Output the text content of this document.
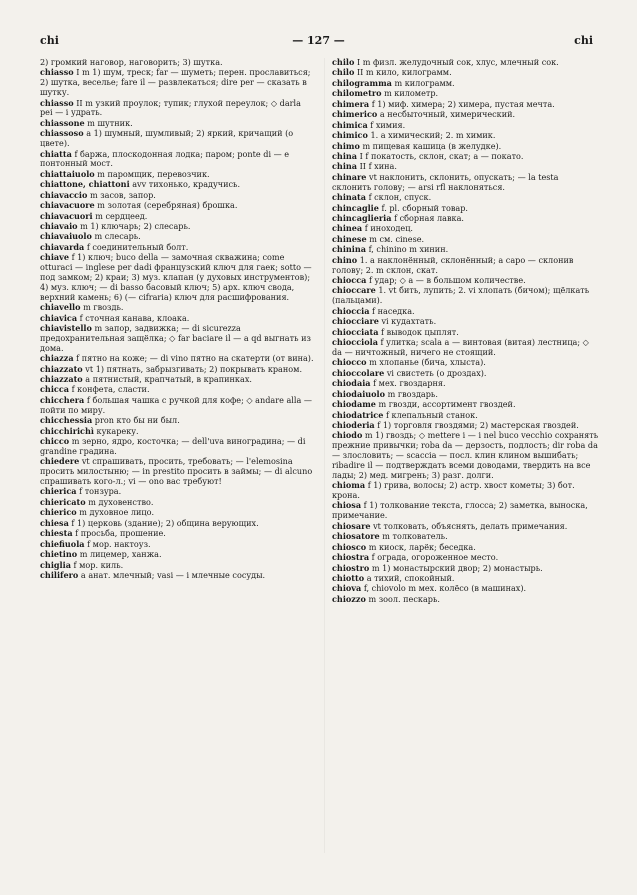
chi	— 127 —	chi

2) громкий наговор, наговорить; 3) шутка.

chiasso I m 1) шум, треск; far — шуметь; перен. прославиться; 2) шутка, веселье; fare il — развлекаться; dire per — сказать в шутку.

chiasso II m узкий проулок; тупик; глухой переулок; ◇ darla pei — i удрать.

chiassone m шутник.

chiassoso a 1) шумный, шумливый; 2) яркий, кричащий (о цвете).

chiatta f баржа, плоскодонная лодка; паром; ponte di — e понтонный мост.

chiattaiuolo m паромщик, перевозчик.

chiattone, chiattoni avv тихонько, крадучись.

chiavaccio m засов, запор.

chiavacuore m золотая (серебряная) брошка.

chiavacuori m сердцеед.

chiavaio m 1) ключарь; 2) слесарь.

chiavaiuolo m слесарь.

chiavarda f соединительный болт.

chiave f 1) ключ; buco della — замочная скважина; come otturaci — inglese per dadi французский ключ для гаек; sotto — под замком; 2) краи; 3) муз. клапан (у духовых инструментов); 4) муз. ключ; — di basso басовый ключ; 5) арх. ключ свода, верхний камень; 6) (— cifraria) ключ для расшифрования.

chiavello m гвоздь.

chiavica f сточная канава, клоака.

chiavistello m запор, задвижка; — di sicurezza предохранительная защёлка; ◇ far baciare il — a qd выгнать из дома.

chiazza f пятно на коже; — di vino пятно на скатерти (от вина).

chiazzato vt 1) пятнать, забрызгивать; 2) покрывать краном.

chiazzato a пятнистый, крапчатый, в крапинках.

chicca f конфета, сласти.

chicchera f большая чашка с ручкой для кофе; ◇ andare alla — пойти по миру.

chicchessia pron кто бы ни был.

chicchirichì кукареку.

chicco m зерно, ядро, косточка; — dell'uva виноградина; — di grandine градина.

chiedere vt спрашивать, просить, требовать; — l'elemosina просить милостыню; — in prestito просить в займы; — di alcuno спрашивать кого-л.; vi — ono вас требуют!

chierica f тонзура.

chiericato m духовенство.

chierico m духовное лицо.

chiesa f 1) церковь (здание); 2) община верующих.

chiesta f просьба, прошение.

chiefiuola f мор. нактоуз.

chietino m лицемер, ханжа.

chiglia f мор. киль.

chilifero a анат. млечный; vasi — i млечные сосуды.

chilo I m физл. желудочный сок, хлус, млечный сок.

chilo II m кило, килограмм.

chilogramma m килограмм.

chilometro m километр.

chimera f 1) миф. химера; 2) химера, пустая мечта.

chimerico a несбыточный, химерический.

chimica f химия.

chimico 1. a химический; 2. m химик.

chimo m пищевая кашица (в желудке).

china I f покатость, склон, скат; a — покато.

china II f хина.

chinare vt наклонить, склонить, опускать; — la testa склонить голову; — arsi rfl наклоняться.

chinata f склон, спуск.

chincaglie f. pl. сборный товар.

chincaglieria f сборная лавка.

chinea f иноходец.

chinese m см. cinese.

chinina f, chinino m хинин.

chino 1. a наклонённый, склонённый; a capo — склонив голову; 2. m склон, скат.

chiocca f удар; ◇ a — в большом количестве.

chioccare 1. vt бить, лупить; 2. vi хлопать (бичом); щёлкать (пальцами).

chioccia f наседка.

chiocciare vi кудахтать.

chiocciata f выводок цыплят.

chiocciola f улитка; scala a — винтовая (витая) лестница; ◇ da — ничтожный, ничего не стоящий.

chiocco m хлопанье (бича, хлыста).

chioccolare vi свистеть (о дроздах).

chiodaia f мех. гвоздарня.

chiodaiuolo m гвоздарь.

chiodame m гвозди, ассортимент гвоздей.

chiodatrice f клепальный станок.

chioderia f 1) торговля гвоздями; 2) мастерская гвоздей.

chiodo m 1) гвоздь; ◇ mettere i — i nel buco vecchio сохранять прежние привычки; roba da — дерзость, подлость; dir roba da — злословить; — scaccia — посл. клин клином вышибать; ribadire il — подтверждать всеми доводами, твердить на все лады; 2) мед. мигрень; 3) разг. долги.

chioma f 1) грива, волосы; 2) астр. хвост кометы; 3) бот. крона.

chiosa f 1) толкование текста, глосса; 2) заметка, выноска, примечание.

chiosare vt толковать, объяснять, делать примечания.

chiosatore m толкователь.

chiosco m киоск, ларёк; беседка.

chiostra f ограда, огороженное место.

chiostro m 1) монастырский двор; 2) монастырь.

chiotto a тихий, спокойный.

chiova f, chiovolo m мех. колёсо (в машинах).

chiozzo m зоол. пескарь.
